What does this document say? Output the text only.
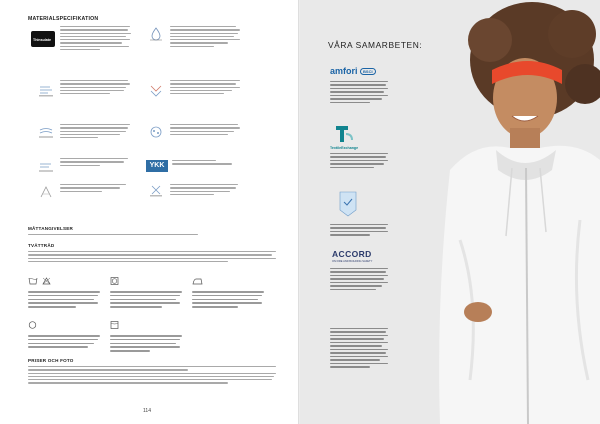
MATERIALSPECIFIKATION
Thinsulate
YKK
MÅTTANGIVELSER
TVÄTTRÅD

PRISER OCH FOTO
114
VÅRA SAMARBETEN:
amfori BSCI
TextileExchange
ACCORD
ON FIRE AND BUILDING SAFETY
